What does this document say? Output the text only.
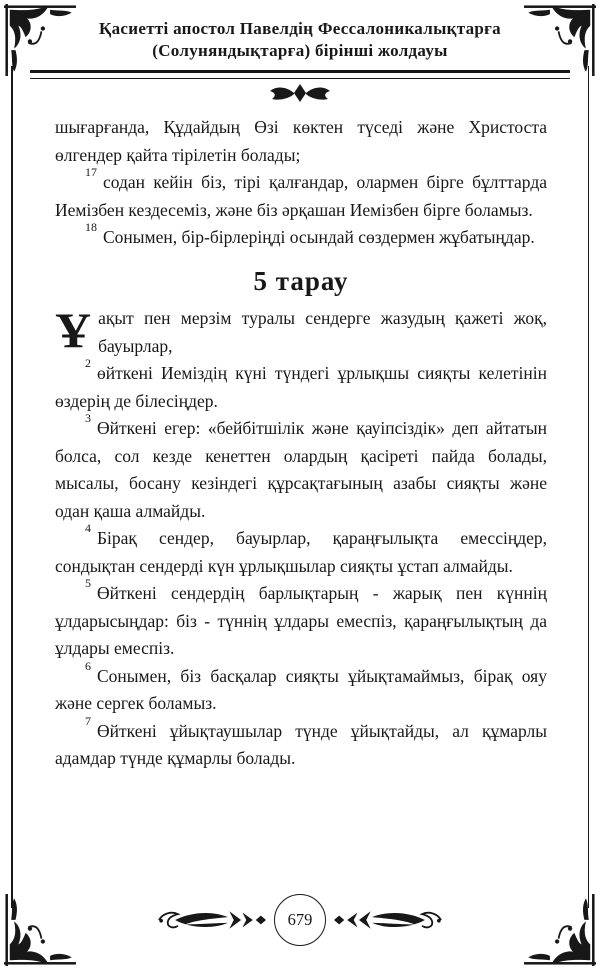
Қасиетті апостол Павелдің Фессалоникалықтарға
(Солуняндықтарға) бірінші жолдауы

шығарғанда, Құдайдың Өзі көктен түседі және Христоста өлгендер қайта тірілетін болады;

$^{17}$ содан кейін біз, тірі қалғандар, олармен бірге бұлттарда Иемізбен кездесеміз, және біз әрқашан Иемізбен бірге боламыз.

$^{18}$ Сонымен, бір-бірлеріңді осындай сөздермен жұбатыңдар.

5 тарау

Ұақыт пен мерзім туралы сендерге жазудың қажеті жоқ, бауырлар,

$^2$ өйткені Иеміздің күні түндегі ұрлықшы сияқты келетінін өздерің де білесіңдер.

$^3$ Өйткені егер: «бейбітшілік және қауіпсіздік» деп айтатын болса, сол кезде кенеттен олардың қасіреті пайда болады, мысалы, босану кезіндегі құрсақтағының азабы сияқты және одан қаша алмайды.

$^4$ Бірақ сендер, бауырлар, қараңғылықта емессіңдер, сондықтан сендерді күн ұрлықшылар сияқты ұстап алмайды.

$^5$ Өйткені сендердің барлықтарың - жарық пен күннің ұлдарысыңдар: біз - түннің ұлдары емеспіз, қараңғылықтың да ұлдары емеспіз.

$^6$ Сонымен, біз басқалар сияқты ұйықтамаймыз, бірақ ояу және сергек боламыз.

$^7$ Өйткені ұйықтаушылар түнде ұйықтайды, ал құмарлы адамдар түнде құмарлы болады.

679
